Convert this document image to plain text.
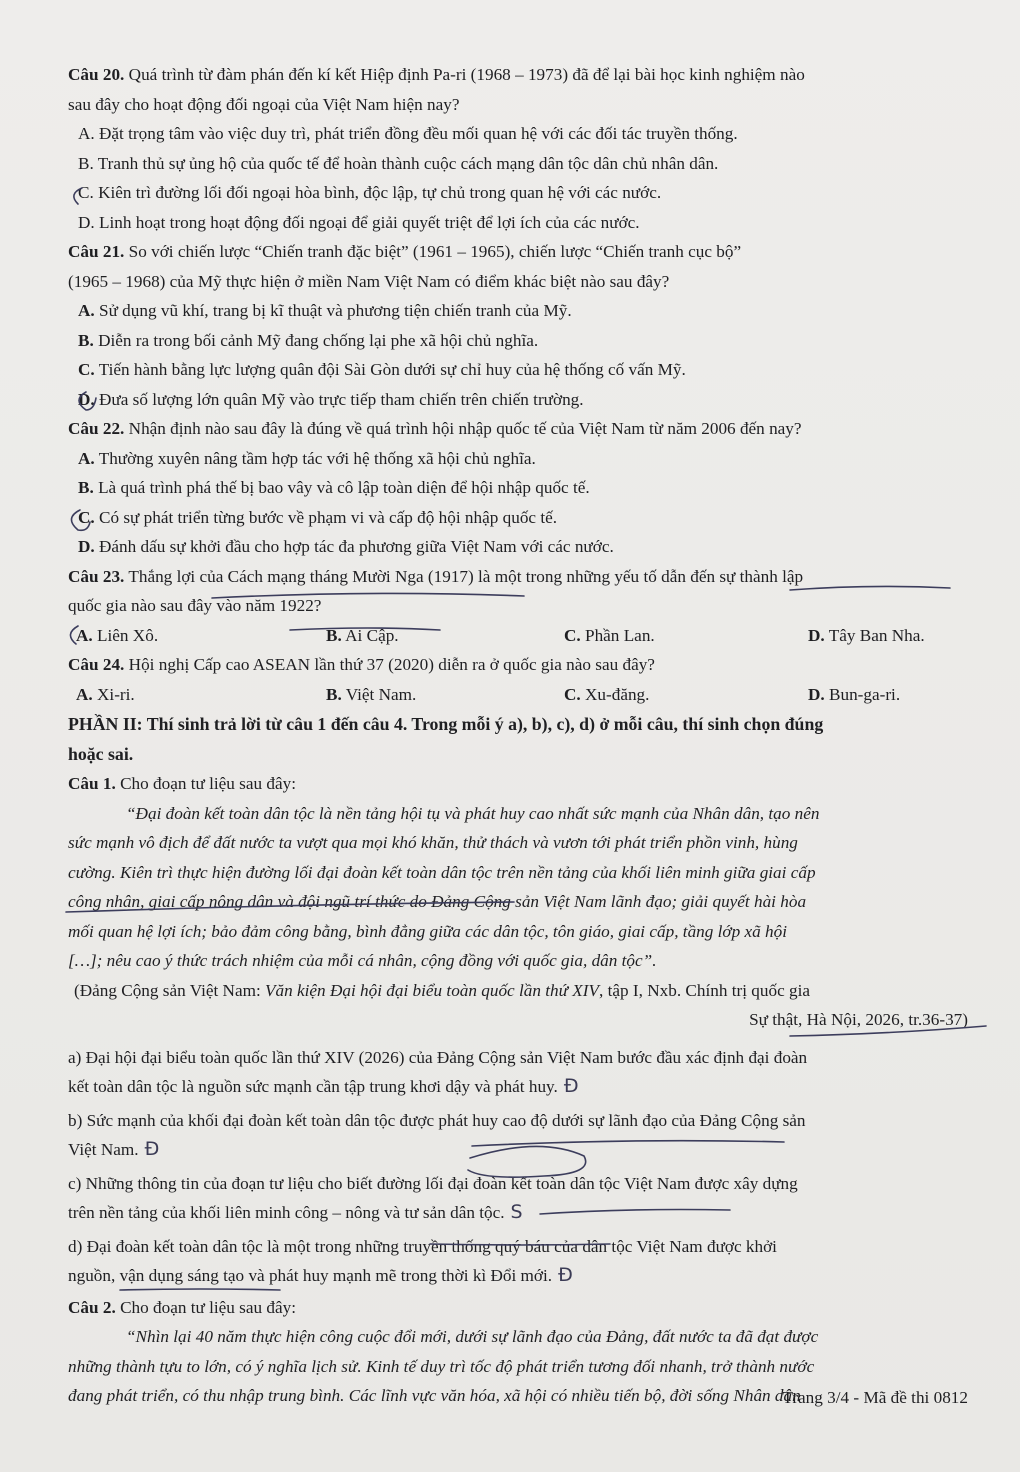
Câu 20. Quá trình từ đàm phán đến kí kết Hiệp định Pa-ri (1968 – 1973) đã để lại bài học kinh nghiệm nào
sau đây cho hoạt động đối ngoại của Việt Nam hiện nay?
A. Đặt trọng tâm vào việc duy trì, phát triển đồng đều mối quan hệ với các đối tác truyền thống.
B. Tranh thủ sự ủng hộ của quốc tế để hoàn thành cuộc cách mạng dân tộc dân chủ nhân dân.
C. Kiên trì đường lối đối ngoại hòa bình, độc lập, tự chủ trong quan hệ với các nước.
D. Linh hoạt trong hoạt động đối ngoại để giải quyết triệt để lợi ích của các nước.
Câu 21. So với chiến lược “Chiến tranh đặc biệt” (1961 – 1965), chiến lược “Chiến tranh cục bộ”
(1965 – 1968) của Mỹ thực hiện ở miền Nam Việt Nam có điểm khác biệt nào sau đây?
A. Sử dụng vũ khí, trang bị kĩ thuật và phương tiện chiến tranh của Mỹ.
B. Diễn ra trong bối cảnh Mỹ đang chống lại phe xã hội chủ nghĩa.
C. Tiến hành bằng lực lượng quân đội Sài Gòn dưới sự chỉ huy của hệ thống cố vấn Mỹ.
D. Đưa số lượng lớn quân Mỹ vào trực tiếp tham chiến trên chiến trường.
Câu 22. Nhận định nào sau đây là đúng về quá trình hội nhập quốc tế của Việt Nam từ năm 2006 đến nay?
A. Thường xuyên nâng tầm hợp tác với hệ thống xã hội chủ nghĩa.
B. Là quá trình phá thế bị bao vây và cô lập toàn diện để hội nhập quốc tế.
C. Có sự phát triển từng bước về phạm vi và cấp độ hội nhập quốc tế.
D. Đánh dấu sự khởi đầu cho hợp tác đa phương giữa Việt Nam với các nước.
Câu 23. Thắng lợi của Cách mạng tháng Mười Nga (1917) là một trong những yếu tố dẫn đến sự thành lập
quốc gia nào sau đây vào năm 1922?
A. Liên Xô.	B. Ai Cập.	C. Phần Lan.	D. Tây Ban Nha.
Câu 24. Hội nghị Cấp cao ASEAN lần thứ 37 (2020) diễn ra ở quốc gia nào sau đây?
A. Xi-ri.	B. Việt Nam.	C. Xu-đăng.	D. Bun-ga-ri.
PHẦN II: Thí sinh trả lời từ câu 1 đến câu 4. Trong mỗi ý a), b), c), d) ở mỗi câu, thí sinh chọn đúng
hoặc sai.
Câu 1. Cho đoạn tư liệu sau đây:
“Đại đoàn kết toàn dân tộc là nền tảng hội tụ và phát huy cao nhất sức mạnh của Nhân dân, tạo nên
sức mạnh vô địch để đất nước ta vượt qua mọi khó khăn, thử thách và vươn tới phát triển phồn vinh, hùng
cường. Kiên trì thực hiện đường lối đại đoàn kết toàn dân tộc trên nền tảng của khối liên minh giữa giai cấp
công nhân, giai cấp nông dân và đội ngũ trí thức do Đảng Cộng sản Việt Nam lãnh đạo; giải quyết hài hòa
mối quan hệ lợi ích; bảo đảm công bằng, bình đẳng giữa các dân tộc, tôn giáo, giai cấp, tầng lớp xã hội
[…]; nêu cao ý thức trách nhiệm của mỗi cá nhân, cộng đồng với quốc gia, dân tộc”.
(Đảng Cộng sản Việt Nam: Văn kiện Đại hội đại biểu toàn quốc lần thứ XIV, tập I, Nxb. Chính trị quốc gia
Sự thật, Hà Nội, 2026, tr.36-37)
a) Đại hội đại biểu toàn quốc lần thứ XIV (2026) của Đảng Cộng sản Việt Nam bước đầu xác định đại đoàn
kết toàn dân tộc là nguồn sức mạnh cần tập trung khơi dậy và phát huy. Đ
b) Sức mạnh của khối đại đoàn kết toàn dân tộc được phát huy cao độ dưới sự lãnh đạo của Đảng Cộng sản
Việt Nam. Đ
c) Những thông tin của đoạn tư liệu cho biết đường lối đại đoàn kết toàn dân tộc Việt Nam được xây dựng
trên nền tảng của khối liên minh công – nông và tư sản dân tộc. S
d) Đại đoàn kết toàn dân tộc là một trong những truyền thống quý báu của dân tộc Việt Nam được khởi
nguồn, vận dụng sáng tạo và phát huy mạnh mẽ trong thời kì Đổi mới. Đ
Câu 2. Cho đoạn tư liệu sau đây:
“Nhìn lại 40 năm thực hiện công cuộc đổi mới, dưới sự lãnh đạo của Đảng, đất nước ta đã đạt được
những thành tựu to lớn, có ý nghĩa lịch sử. Kinh tế duy trì tốc độ phát triển tương đối nhanh, trở thành nước
đang phát triển, có thu nhập trung bình. Các lĩnh vực văn hóa, xã hội có nhiều tiến bộ, đời sống Nhân dân
Trang 3/4 - Mã đề thi 0812
